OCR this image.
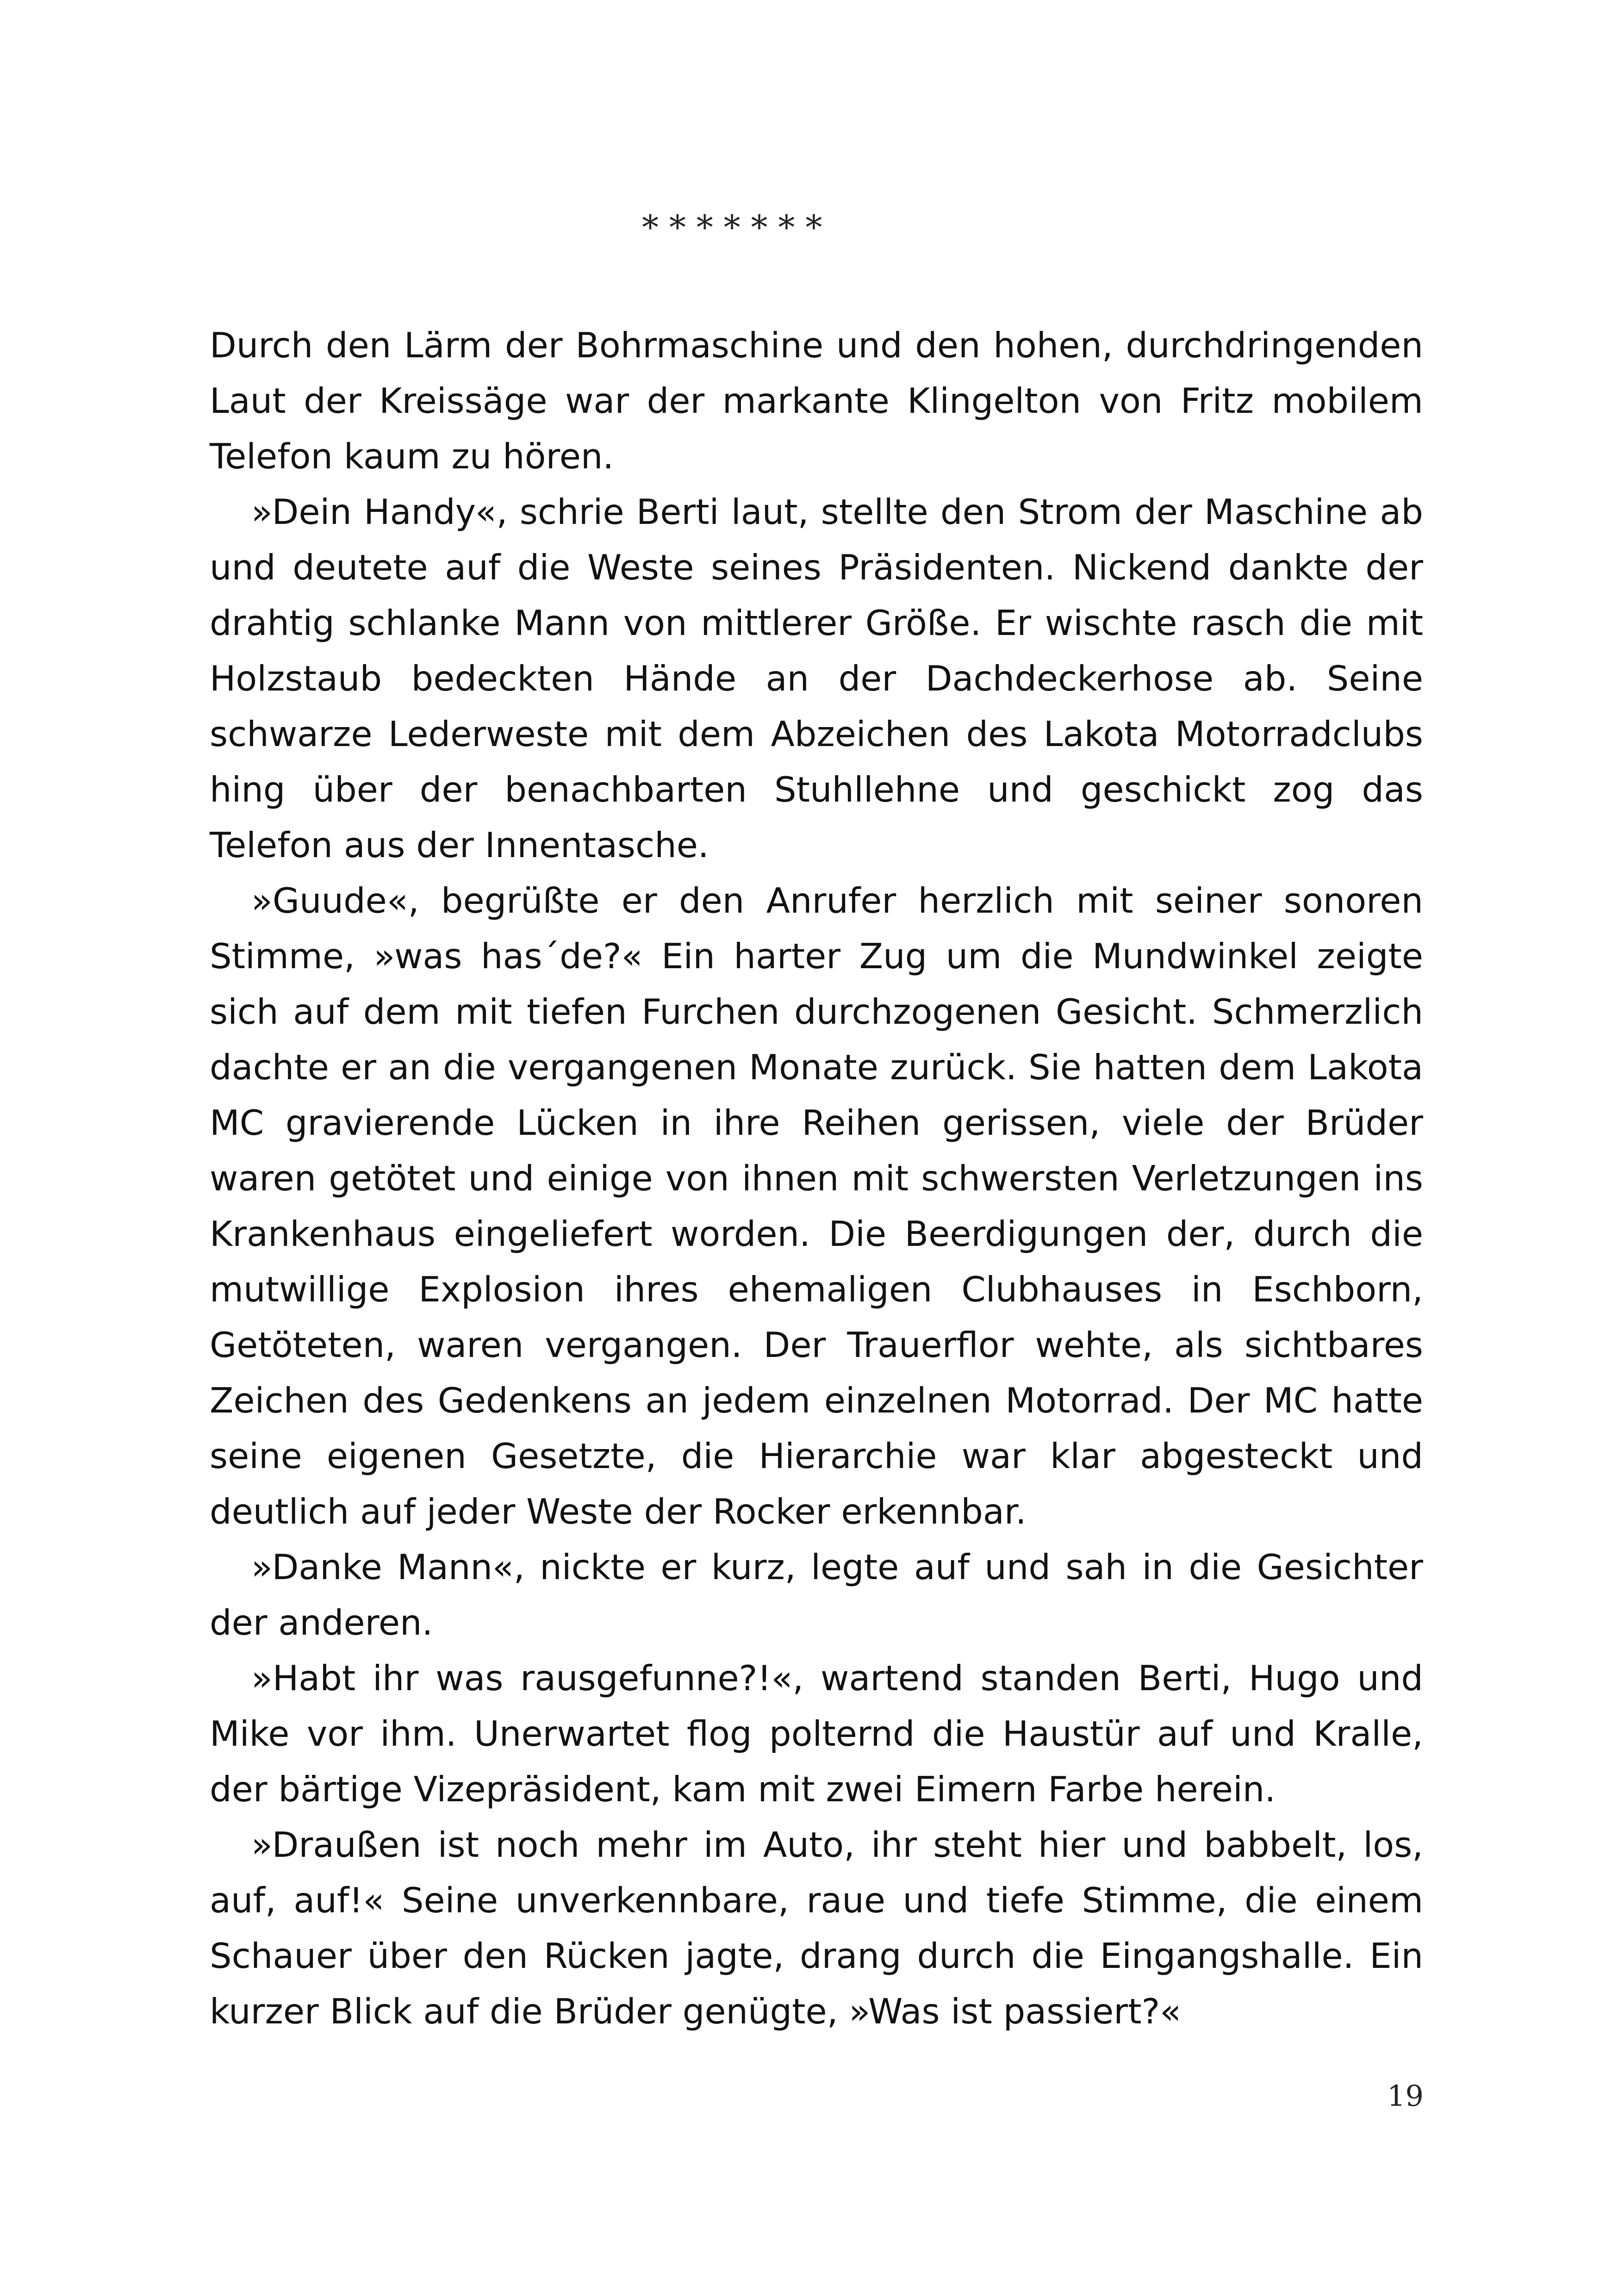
* * * * * * *

Durch den Lärm der Bohrmaschine und den hohen, durchdringenden Laut der Kreissäge war der markante Klingelton von Fritz mobilem Telefon kaum zu hören.

»Dein Handy«, schrie Berti laut, stellte den Strom der Maschine ab und deutete auf die Weste seines Präsidenten. Nickend dankte der drahtig schlanke Mann von mittlerer Größe. Er wischte rasch die mit Holzstaub bedeckten Hände an der Dachdeckerhose ab. Seine schwarze Lederweste mit dem Abzeichen des Lakota Motorradclubs hing über der benachbarten Stuhllehne und geschickt zog das Telefon aus der Innentasche.

»Guude«, begrüßte er den Anrufer herzlich mit seiner sonoren Stimme, »was has´de?« Ein harter Zug um die Mundwinkel zeigte sich auf dem mit tiefen Furchen durchzogenen Gesicht. Schmerzlich dachte er an die vergangenen Monate zurück. Sie hatten dem Lakota MC gravierende Lücken in ihre Reihen gerissen, viele der Brüder waren getötet und einige von ihnen mit schwersten Verletzungen ins Krankenhaus eingeliefert worden. Die Beerdigungen der, durch die mutwillige Explosion ihres ehemaligen Clubhauses in Eschborn, Getöteten, waren vergangen. Der Trauerflor wehte, als sichtbares Zeichen des Gedenkens an jedem einzelnen Motorrad. Der MC hatte seine eigenen Gesetzte, die Hierarchie war klar abgesteckt und deutlich auf jeder Weste der Rocker erkennbar.

»Danke Mann«, nickte er kurz, legte auf und sah in die Gesichter der anderen.

»Habt ihr was rausgefunne?!«, wartend standen Berti, Hugo und Mike vor ihm. Unerwartet flog polternd die Haustür auf und Kralle, der bärtige Vizepräsident, kam mit zwei Eimern Farbe herein.

»Draußen ist noch mehr im Auto, ihr steht hier und babbelt, los, auf, auf!« Seine unverkennbare, raue und tiefe Stimme, die einem Schauer über den Rücken jagte, drang durch die Eingangshalle. Ein kurzer Blick auf die Brüder genügte, »Was ist passiert?«

19
